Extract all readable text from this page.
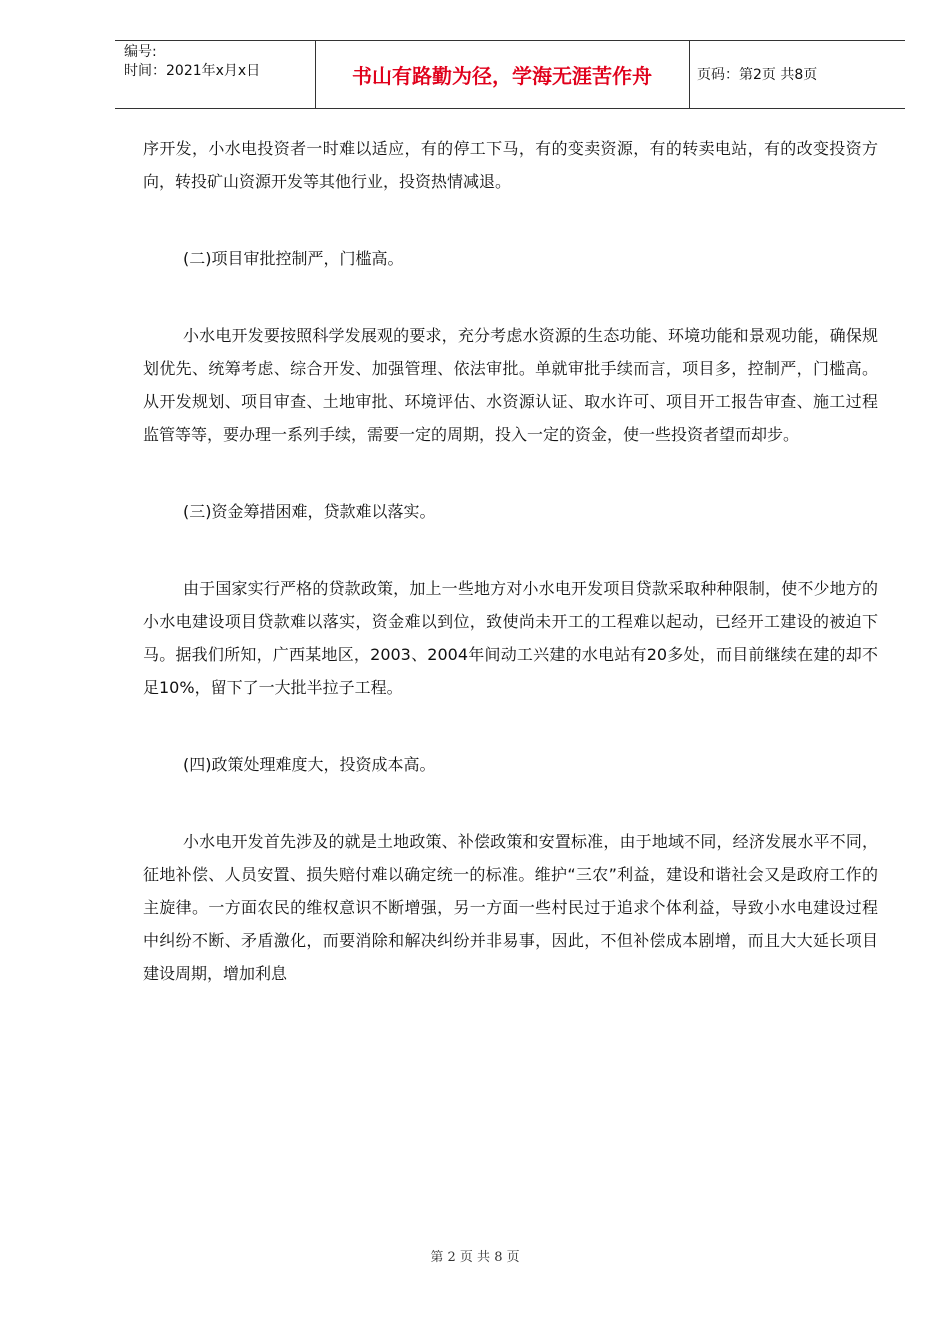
编号:
时间：2021年x月x日	书山有路勤为径，学海无涯苦作舟	页码：第2页 共8页

序开发，小水电投资者一时难以适应，有的停工下马，有的变卖资源，有的转卖电站，有的改变投资方向，转投矿山资源开发等其他行业，投资热情减退。

(二)项目审批控制严，门槛高。

小水电开发要按照科学发展观的要求，充分考虑水资源的生态功能、环境功能和景观功能，确保规划优先、统筹考虑、综合开发、加强管理、依法审批。单就审批手续而言，项目多，控制严，门槛高。从开发规划、项目审查、土地审批、环境评估、水资源认证、取水许可、项目开工报告审查、施工过程监管等等，要办理一系列手续，需要一定的周期，投入一定的资金，使一些投资者望而却步。

(三)资金筹措困难，贷款难以落实。

由于国家实行严格的贷款政策，加上一些地方对小水电开发项目贷款采取种种限制，使不少地方的小水电建设项目贷款难以落实，资金难以到位，致使尚未开工的工程难以起动，已经开工建设的被迫下马。据我们所知，广西某地区，2003、2004年间动工兴建的水电站有20多处，而目前继续在建的却不足10%，留下了一大批半拉子工程。

(四)政策处理难度大，投资成本高。

小水电开发首先涉及的就是土地政策、补偿政策和安置标准，由于地域不同，经济发展水平不同，征地补偿、人员安置、损失赔付难以确定统一的标准。维护“三农”利益，建设和谐社会又是政府工作的主旋律。一方面农民的维权意识不断增强，另一方面一些村民过于追求个体利益，导致小水电建设过程中纠纷不断、矛盾激化，而要消除和解决纠纷并非易事，因此，不但补偿成本剧增，而且大大延长项目建设周期，增加利息

第 2 页 共 8 页
